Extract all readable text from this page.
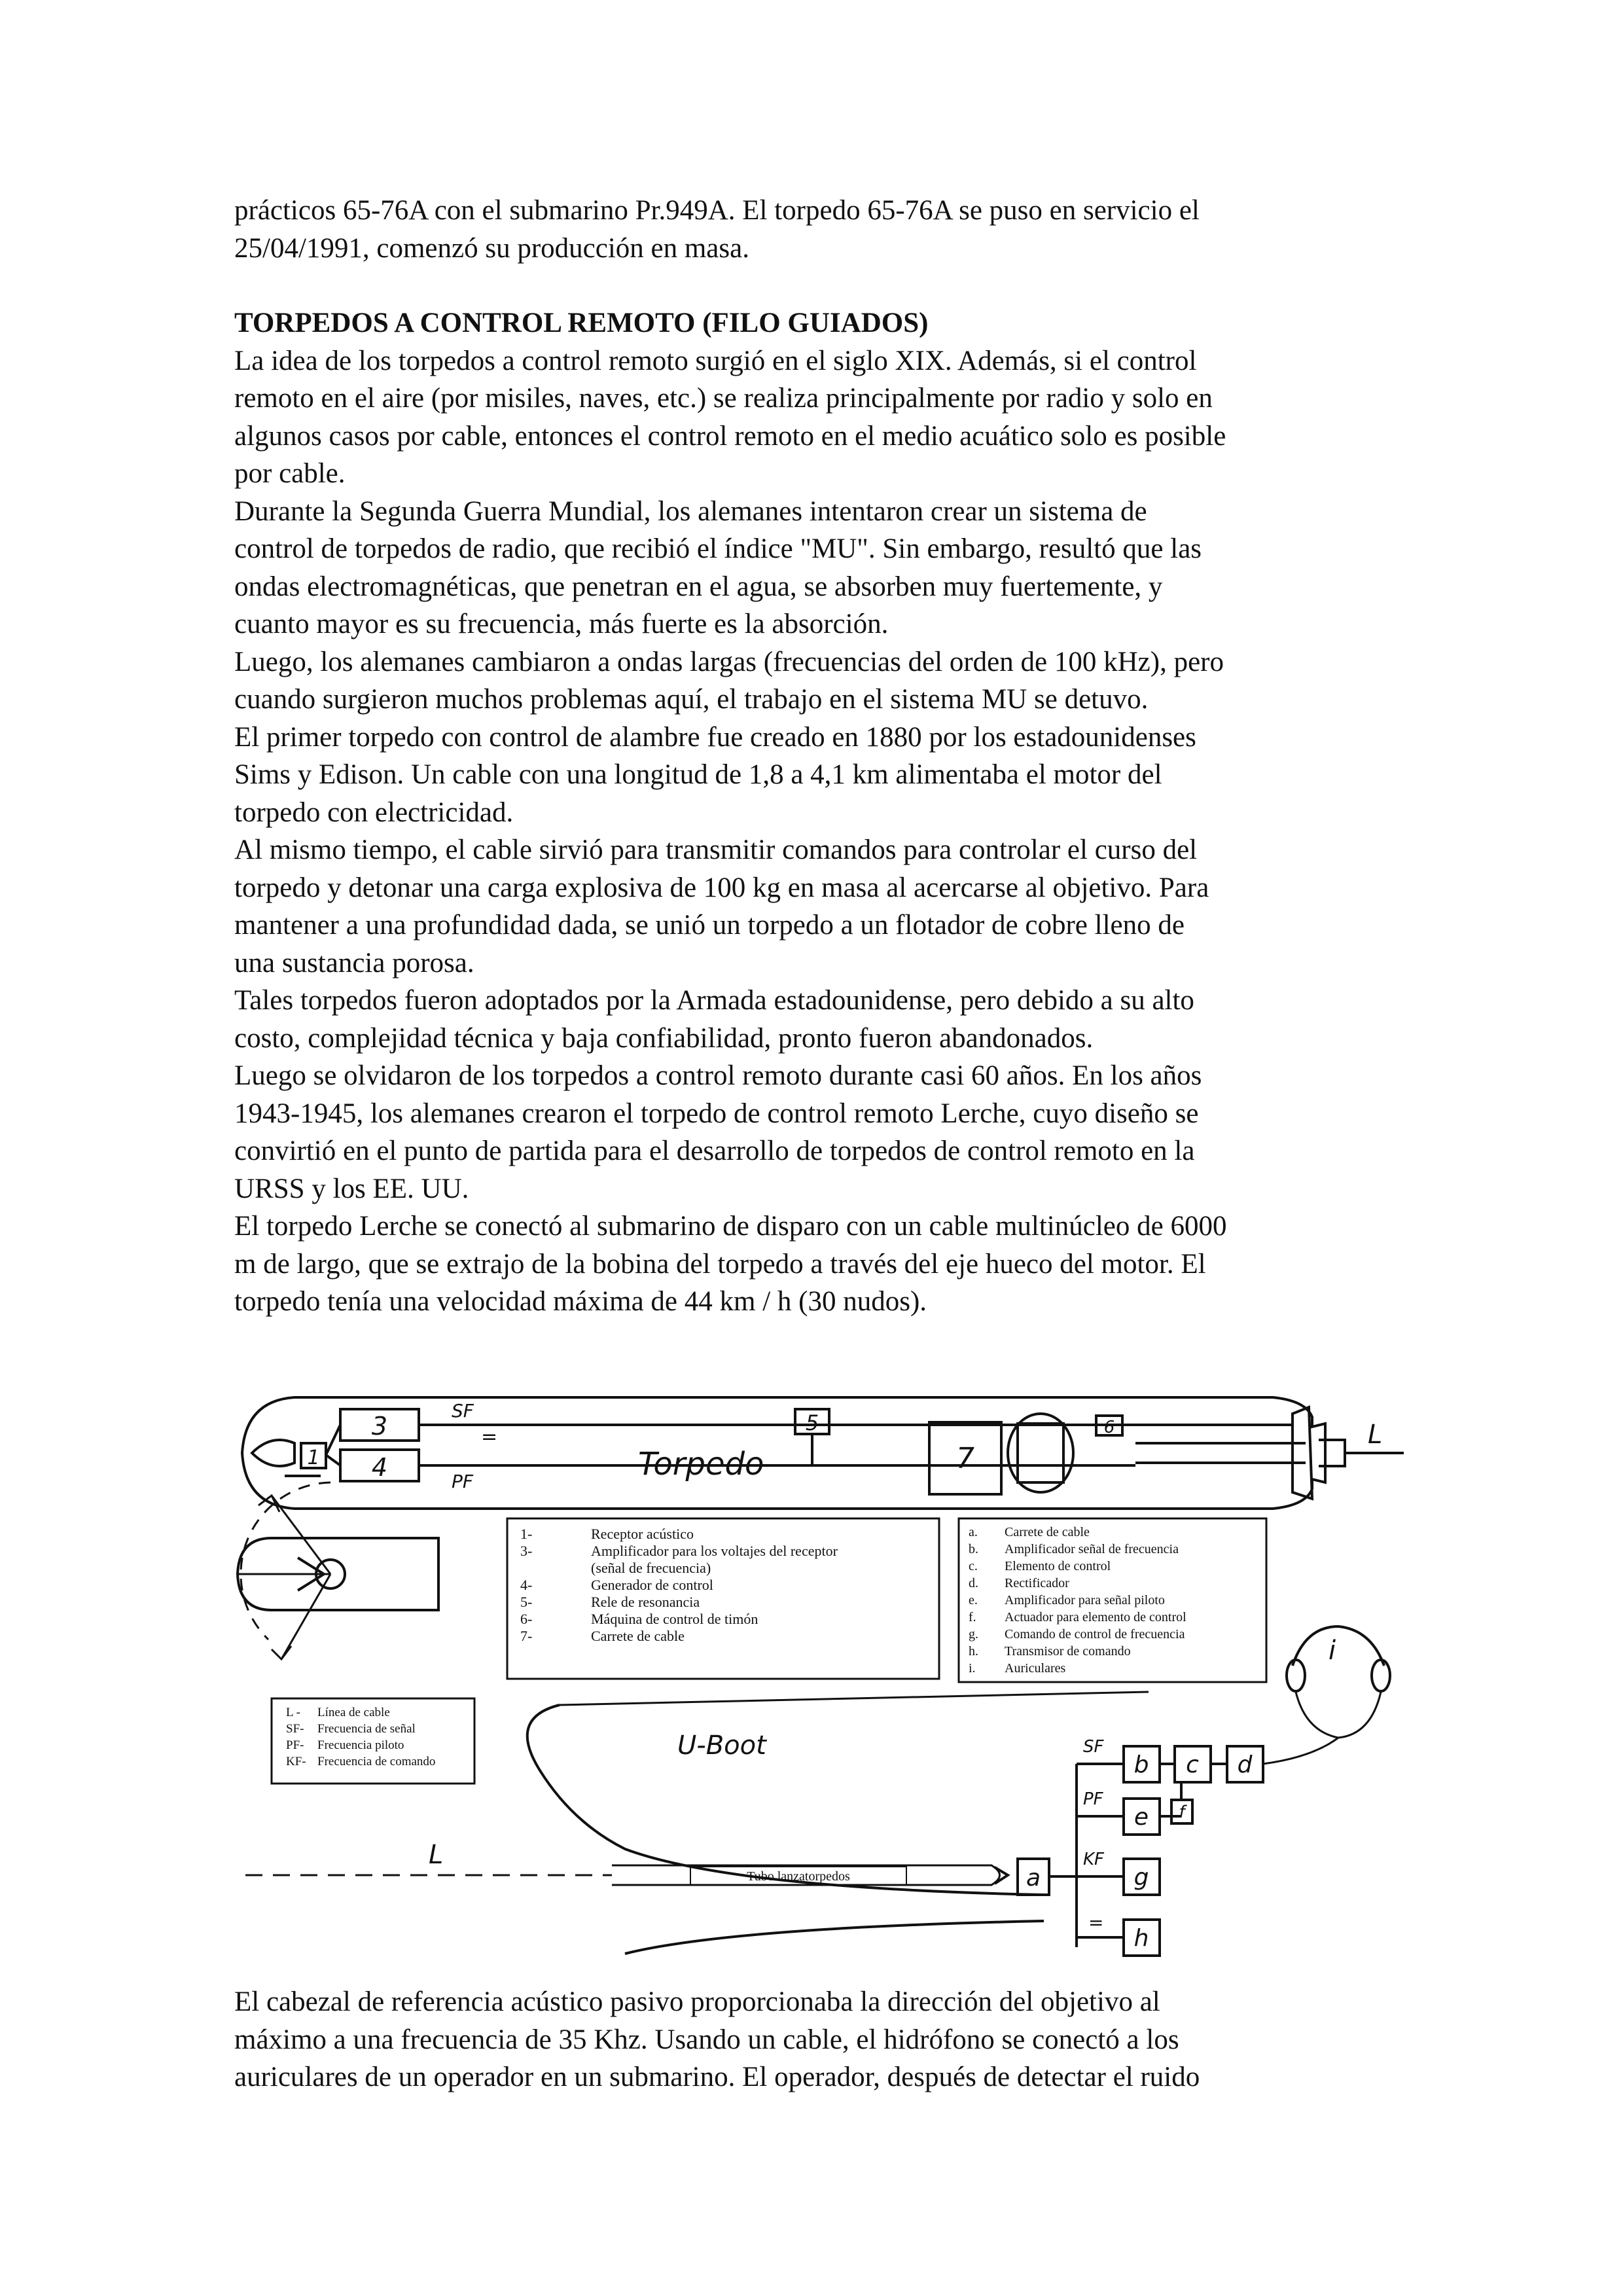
prácticos 65-76A con el submarino Pr.949A. El torpedo 65-76A se puso en servicio el

25/04/1991, comenzó su producción en masa.

TORPEDOS A CONTROL REMOTO (FILO GUIADOS)

La idea de los torpedos a control remoto surgió en el siglo XIX. Además, si el control

remoto en el aire (por misiles, naves, etc.) se realiza principalmente por radio y solo en

algunos casos por cable, entonces el control remoto en el medio acuático solo es posible

por cable.

Durante la Segunda Guerra Mundial, los alemanes intentaron crear un sistema de

control de torpedos de radio, que recibió el índice "MU". Sin embargo, resultó que las

ondas electromagnéticas, que penetran en el agua, se absorben muy fuertemente, y

cuanto mayor es su frecuencia, más fuerte es la absorción.

Luego, los alemanes cambiaron a ondas largas (frecuencias del orden de 100 kHz), pero

cuando surgieron muchos problemas aquí, el trabajo en el sistema MU se detuvo.

El primer torpedo con control de alambre fue creado en 1880 por los estadounidenses

Sims y Edison. Un cable con una longitud de 1,8 a 4,1 km alimentaba el motor del

torpedo con electricidad.

Al mismo tiempo, el cable sirvió para transmitir comandos para controlar el curso del

torpedo y detonar una carga explosiva de 100 kg en masa al acercarse al objetivo. Para

mantener a una profundidad dada, se unió un torpedo a un flotador de cobre lleno de

una sustancia porosa.

Tales torpedos fueron adoptados por la Armada estadounidense, pero debido a su alto

costo, complejidad técnica y baja confiabilidad, pronto fueron abandonados.

Luego se olvidaron de los torpedos a control remoto durante casi 60 años. En los años

1943-1945, los alemanes crearon el torpedo de control remoto Lerche, cuyo diseño se

convirtió en el punto de partida para el desarrollo de torpedos de control remoto en la

URSS y los EE. UU.

El torpedo Lerche se conectó al submarino de disparo con un cable multinúcleo de 6000

m de largo, que se extrajo de la bobina del torpedo a través del eje hueco del motor. El

torpedo tenía una velocidad máxima de 44 km / h (30 nudos).

1
3
4
SF
PF
=
Torpedo
5
7
6	L
1-	Receptor acústico
3-	Amplificador para los voltajes del receptor
(señal de frecuencia)
4-	Generador de control
5-	Rele de resonancia
6-	Máquina de control de timón
7-	Carrete de cable
a. Carrete de cable
b. Amplificador señal de frecuencia
c. Elemento de control
d. Rectificador
e. Amplificador para señal piloto
f. Actuador para elemento de control
g. Comando de control de frecuencia
h. Transmisor de comando
i. Auriculares
L - Línea de cable
SF- Frecuencia de señal
PF- Frecuencia piloto
KF- Frecuencia de comando
U-Boot
Tubo lanzatorpedos
L
a
SF
PF
KF
=
b c d
e f
g
h
i

El cabezal de referencia acústico pasivo proporcionaba la dirección del objetivo al

máximo a una frecuencia de 35 Khz. Usando un cable, el hidrófono se conectó a los

auriculares de un operador en un submarino. El operador, después de detectar el ruido
